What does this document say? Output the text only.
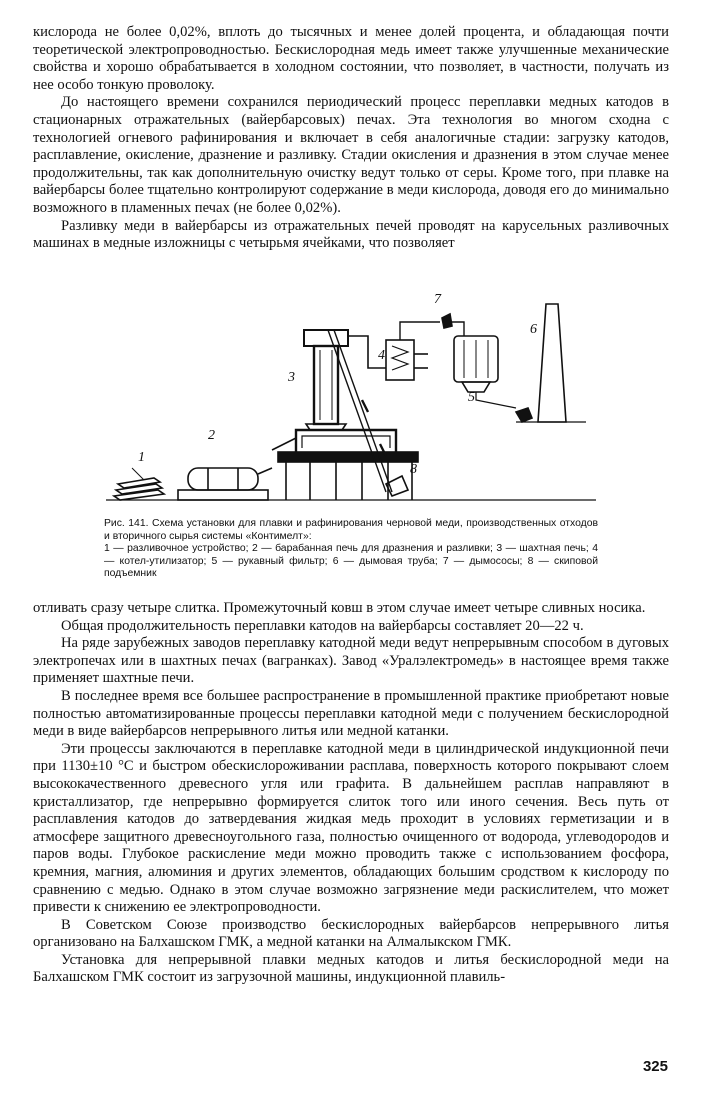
кислорода не более 0,02%, вплоть до тысячных и менее долей процента, и обладающая почти теоретической электропроводностью. Бескислородная медь имеет также улучшенные механические свойства и хорошо обрабатывается в холодном состоянии, что позволяет, в частности, получать из нее особо тонкую проволоку.

До настоящего времени сохранился периодический процесс переплавки медных катодов в стационарных отражательных (вайербарсовых) печах. Эта технология во многом сходна с технологией огневого рафинирования и включает в себя аналогичные стадии: загрузку катодов, расплавление, окисление, дразнение и разливку. Стадии окисления и дразнения в этом случае менее продолжительны, так как дополнительную очистку ведут только от серы. Кроме того, при плавке на вайербарсы более тщательно контролируют содержание в меди кислорода, доводя его до минимально возможного в пламенных печах (не более 0,02%).

Разливку меди в вайербарсы из отражательных печей проводят на карусельных разливочных машинах в медные изложницы с четырьмя ячейками, что позволяет

1
2
3
4
5
6
7
8
Рис. 141. Схема установки для плавки и рафинирования черновой меди, производственных отходов и вторичного сырья системы «Контимелт»:
1 — разливочное устройство; 2 — барабанная печь для дразнения и разливки; 3 — шахтная печь; 4 — котел-утилизатор; 5 — рукавный фильтр; 6 — дымовая труба; 7 — дымососы; 8 — скиповой подъемник

отливать сразу четыре слитка. Промежуточный ковш в этом случае имеет четыре сливных носика.

Общая продолжительность переплавки катодов на вайербарсы составляет 20—22 ч.

На ряде зарубежных заводов переплавку катодной меди ведут непрерывным способом в дуговых электропечах или в шахтных печах (вагранках). Завод «Уралэлектромедь» в настоящее время также применяет шахтные печи.

В последнее время все большее распространение в промышленной практике приобретают новые полностью автоматизированные процессы переплавки катодной меди с получением бескислородной меди в виде вайербарсов непрерывного литья или медной катанки.

Эти процессы заключаются в переплавке катодной меди в цилиндрической индукционной печи при 1130±10 °С и быстром обескислороживании расплава, поверхность которого покрывают слоем высококачественного древесного угля или графита. В дальнейшем расплав направляют в кристаллизатор, где непрерывно формируется слиток того или иного сечения. Весь путь от расплавления катодов до затвердевания жидкая медь проходит в условиях герметизации и в атмосфере защитного древесноугольного газа, полностью очищенного от водорода, углеводородов и паров воды. Глубокое раскисление меди можно проводить также с использованием фосфора, кремния, магния, алюминия и других элементов, обладающих большим сродством к кислороду по сравнению с медью. Однако в этом случае возможно загрязнение меди раскислителем, что может привести к снижению ее электропроводности.

В Советском Союзе производство бескислородных вайербарсов непрерывного литья организовано на Балхашском ГМК, а медной катанки на Алмалыкском ГМК.

Установка для непрерывной плавки медных катодов и литья бескислородной меди на Балхашском ГМК состоит из загрузочной машины, индукционной плавиль-

325
